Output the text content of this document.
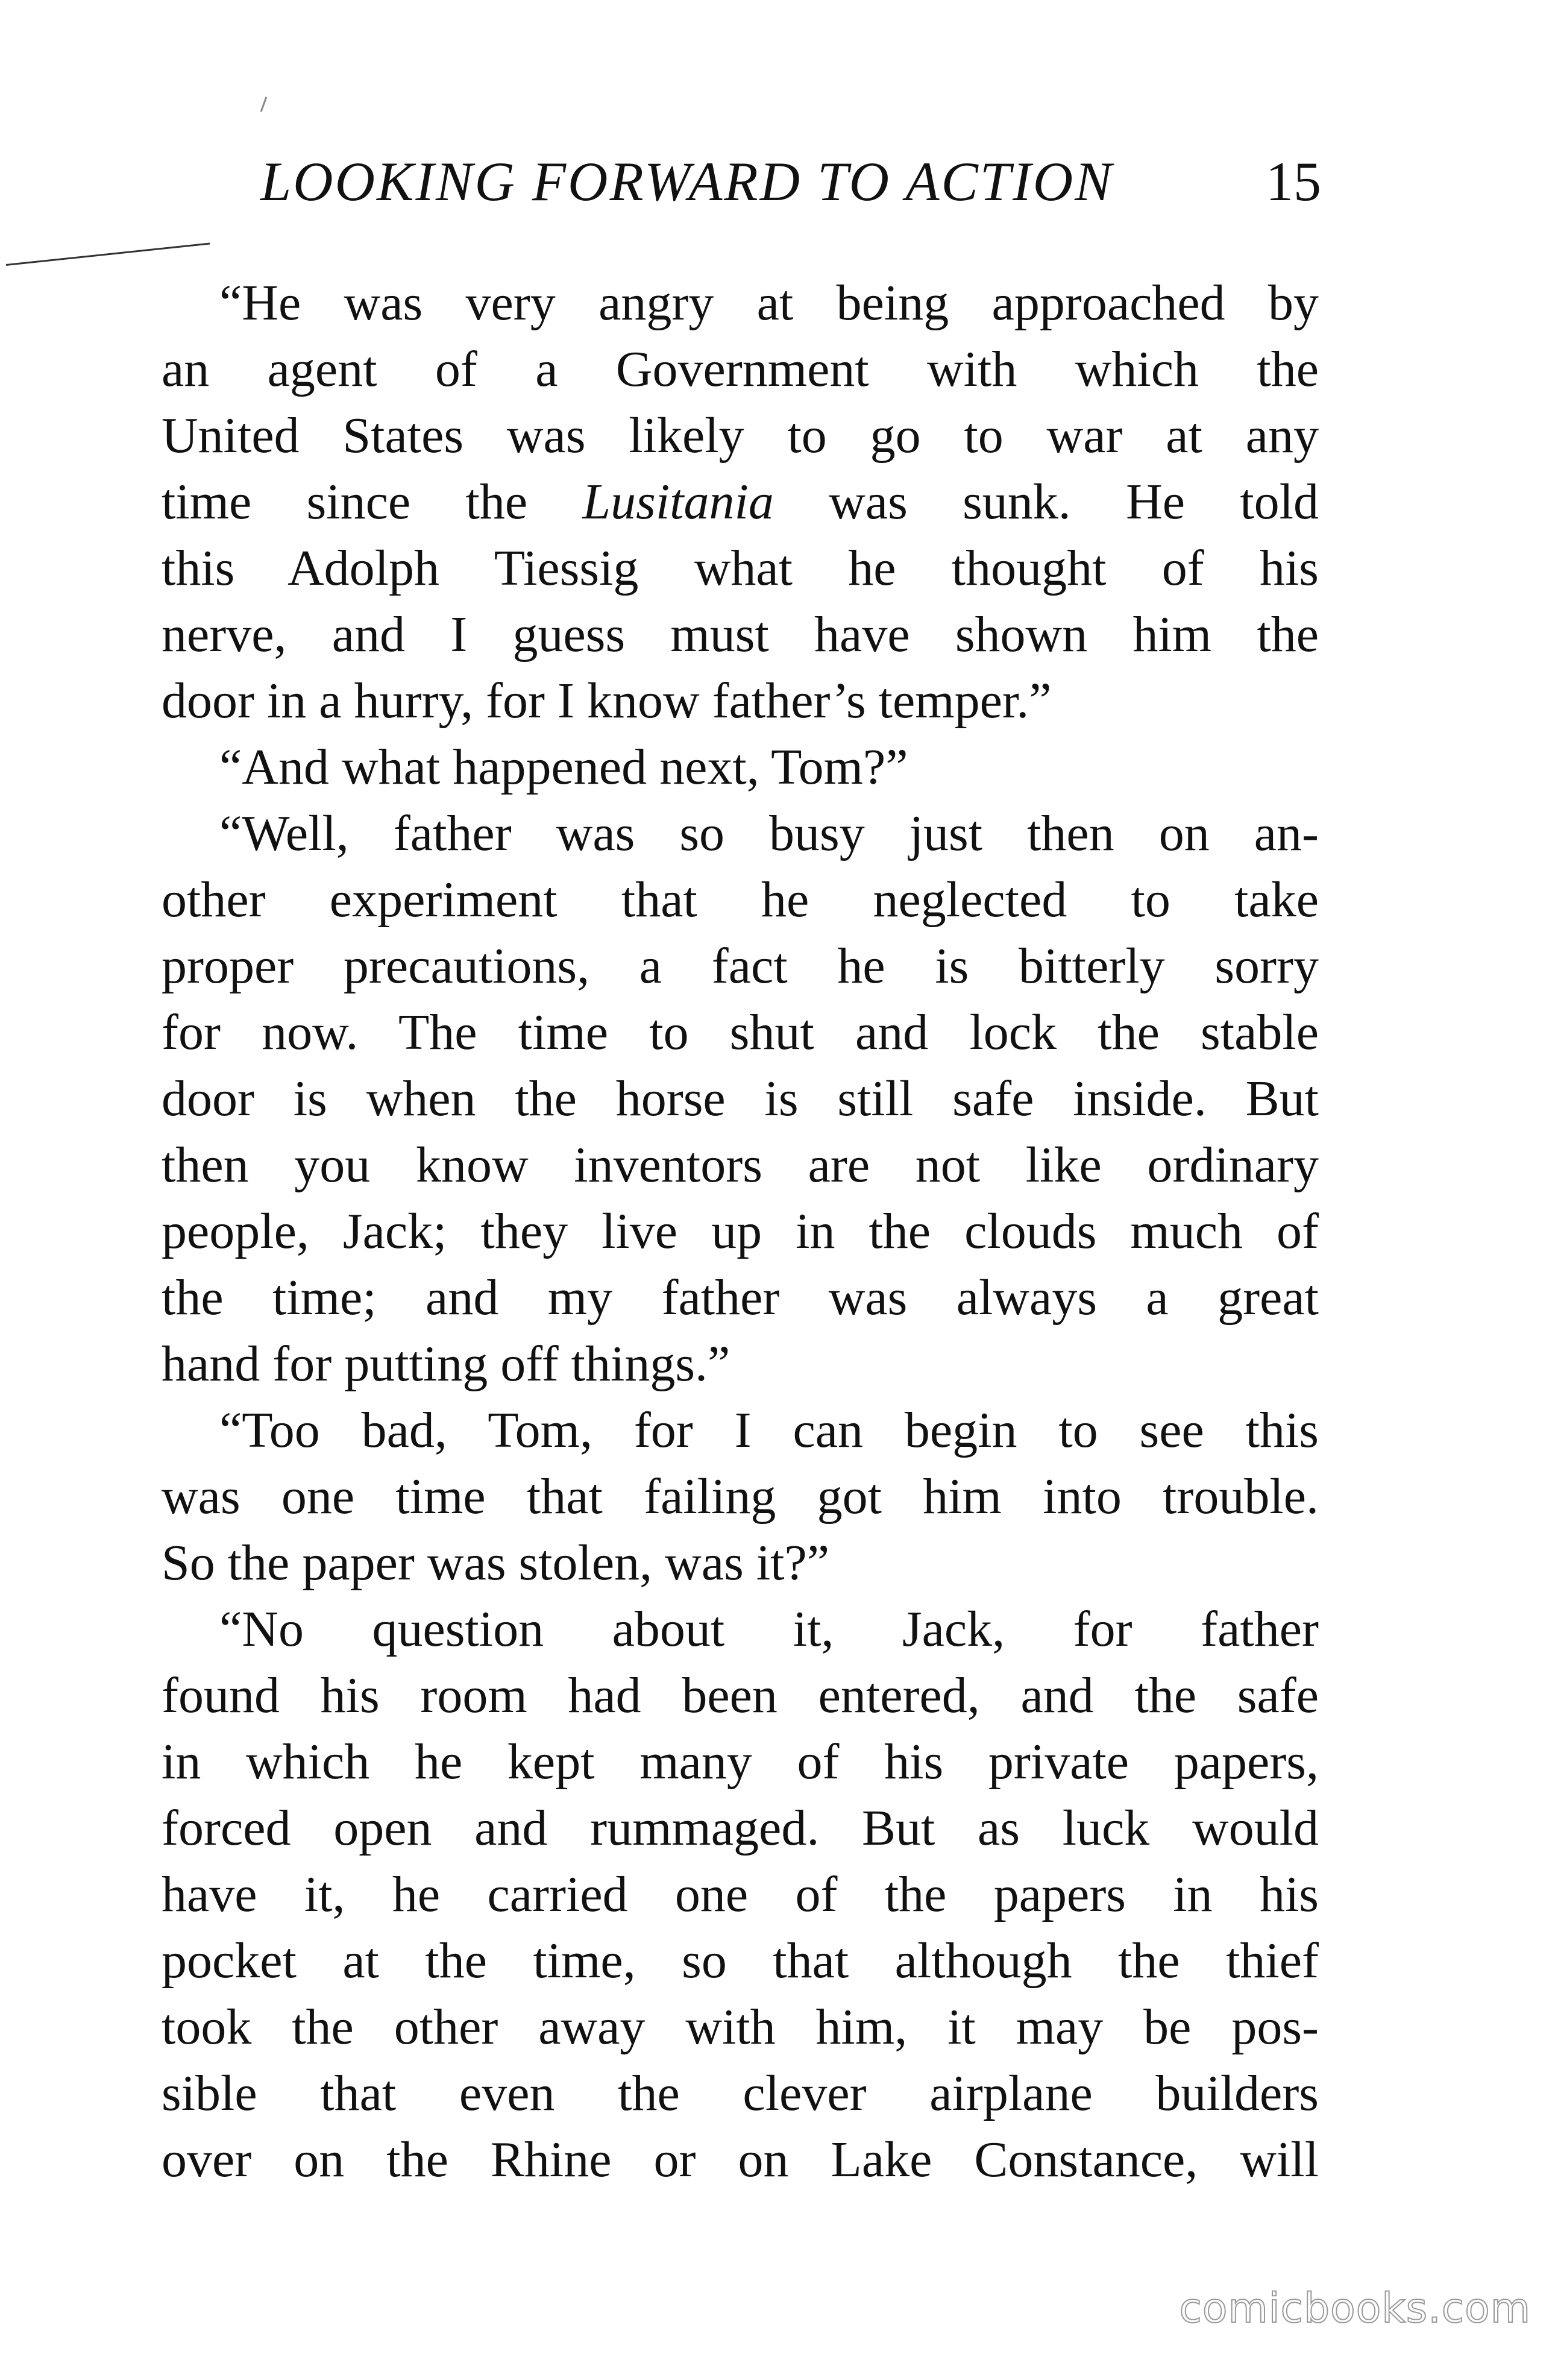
LOOKING FORWARD TO ACTION	15
“He was very angry at being approached by
an agent of a Government with which the
United States was likely to go to war at any
time since the Lusitania was sunk. He told
this Adolph Tiessig what he thought of his
nerve, and I guess must have shown him the
door in a hurry, for I know father’s temper.”
“And what happened next, Tom?”
“Well, father was so busy just then on an-
other experiment that he neglected to take
proper precautions, a fact he is bitterly sorry
for now. The time to shut and lock the stable
door is when the horse is still safe inside. But
then you know inventors are not like ordinary
people, Jack; they live up in the clouds much of
the time; and my father was always a great
hand for putting off things.”
“Too bad, Tom, for I can begin to see this
was one time that failing got him into trouble.
So the paper was stolen, was it?”
“No question about it, Jack, for father
found his room had been entered, and the safe
in which he kept many of his private papers,
forced open and rummaged. But as luck would
have it, he carried one of the papers in his
pocket at the time, so that although the thief
took the other away with him, it may be pos-
sible that even the clever airplane builders
over on the Rhine or on Lake Constance, will
comicbooks.com
